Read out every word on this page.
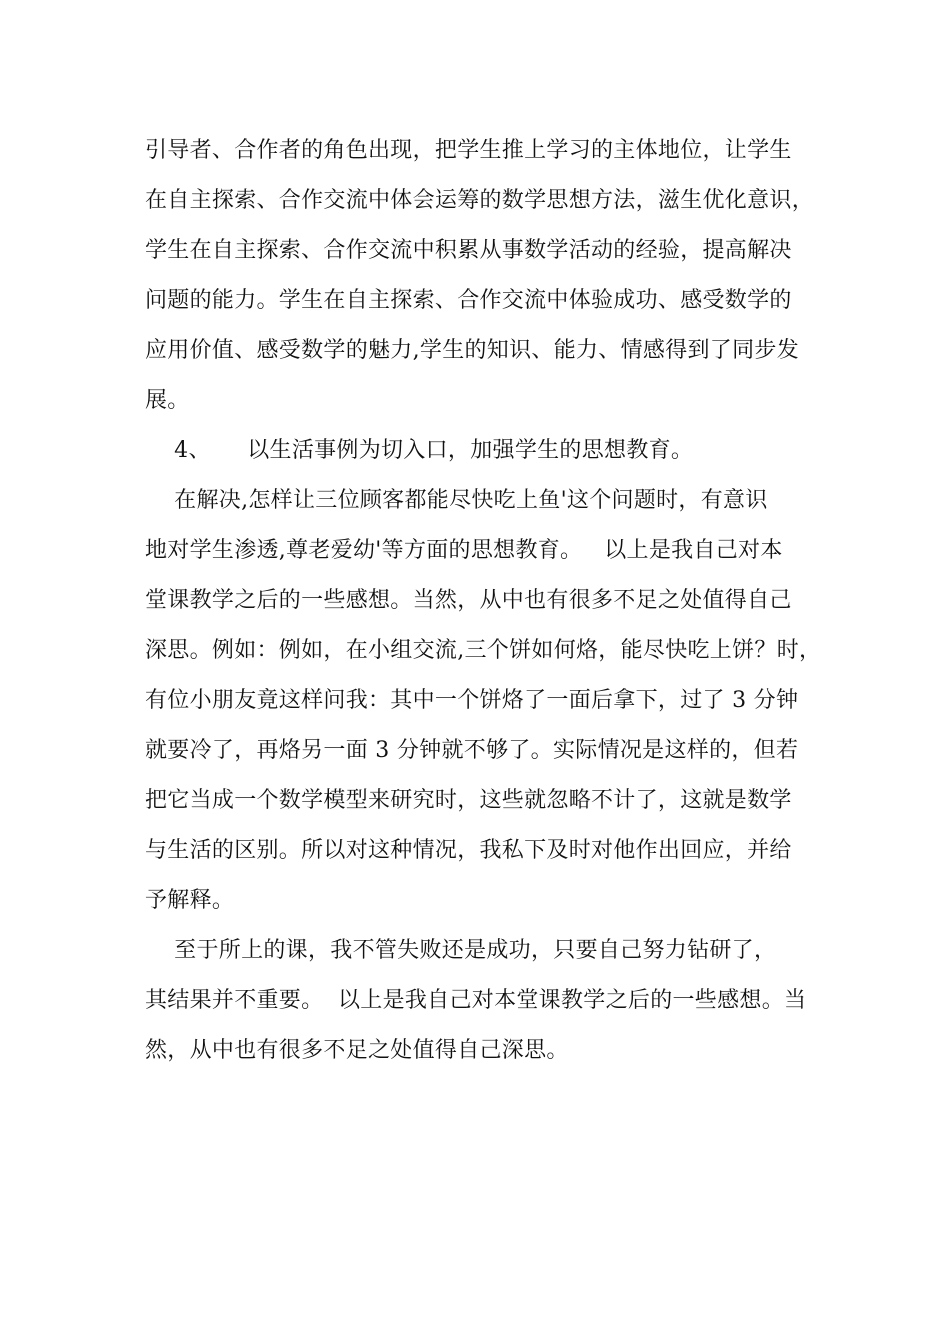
引导者、合作者的角色出现，把学生推上学习的主体地位，让学生
在自主探索、合作交流中体会运筹的数学思想方法，滋生优化意识，
学生在自主探索、合作交流中积累从事数学活动的经验，提高解决
问题的能力。学生在自主探索、合作交流中体验成功、感受数学的
应用价值、感受数学的魅力,学生的知识、能力、情感得到了同步发
展。
4、     以生活事例为切入口，加强学生的思想教育。
在解决,怎样让三位顾客都能尽快吃上鱼'这个问题时，有意识
地对学生渗透,尊老爱幼'等方面的思想教育。   以上是我自己对本
堂课教学之后的一些感想。当然，从中也有很多不足之处值得自己
深思。例如：例如，在小组交流,三个饼如何烙，能尽快吃上饼？时，
有位小朋友竟这样问我：其中一个饼烙了一面后拿下，过了 3 分钟
就要冷了，再烙另一面 3 分钟就不够了。实际情况是这样的，但若
把它当成一个数学模型来研究时，这些就忽略不计了，这就是数学
与生活的区别。所以对这种情况，我私下及时对他作出回应，并给
予解释。
至于所上的课，我不管失败还是成功，只要自己努力钻研了，
其结果并不重要。  以上是我自己对本堂课教学之后的一些感想。当
然，从中也有很多不足之处值得自己深思。
